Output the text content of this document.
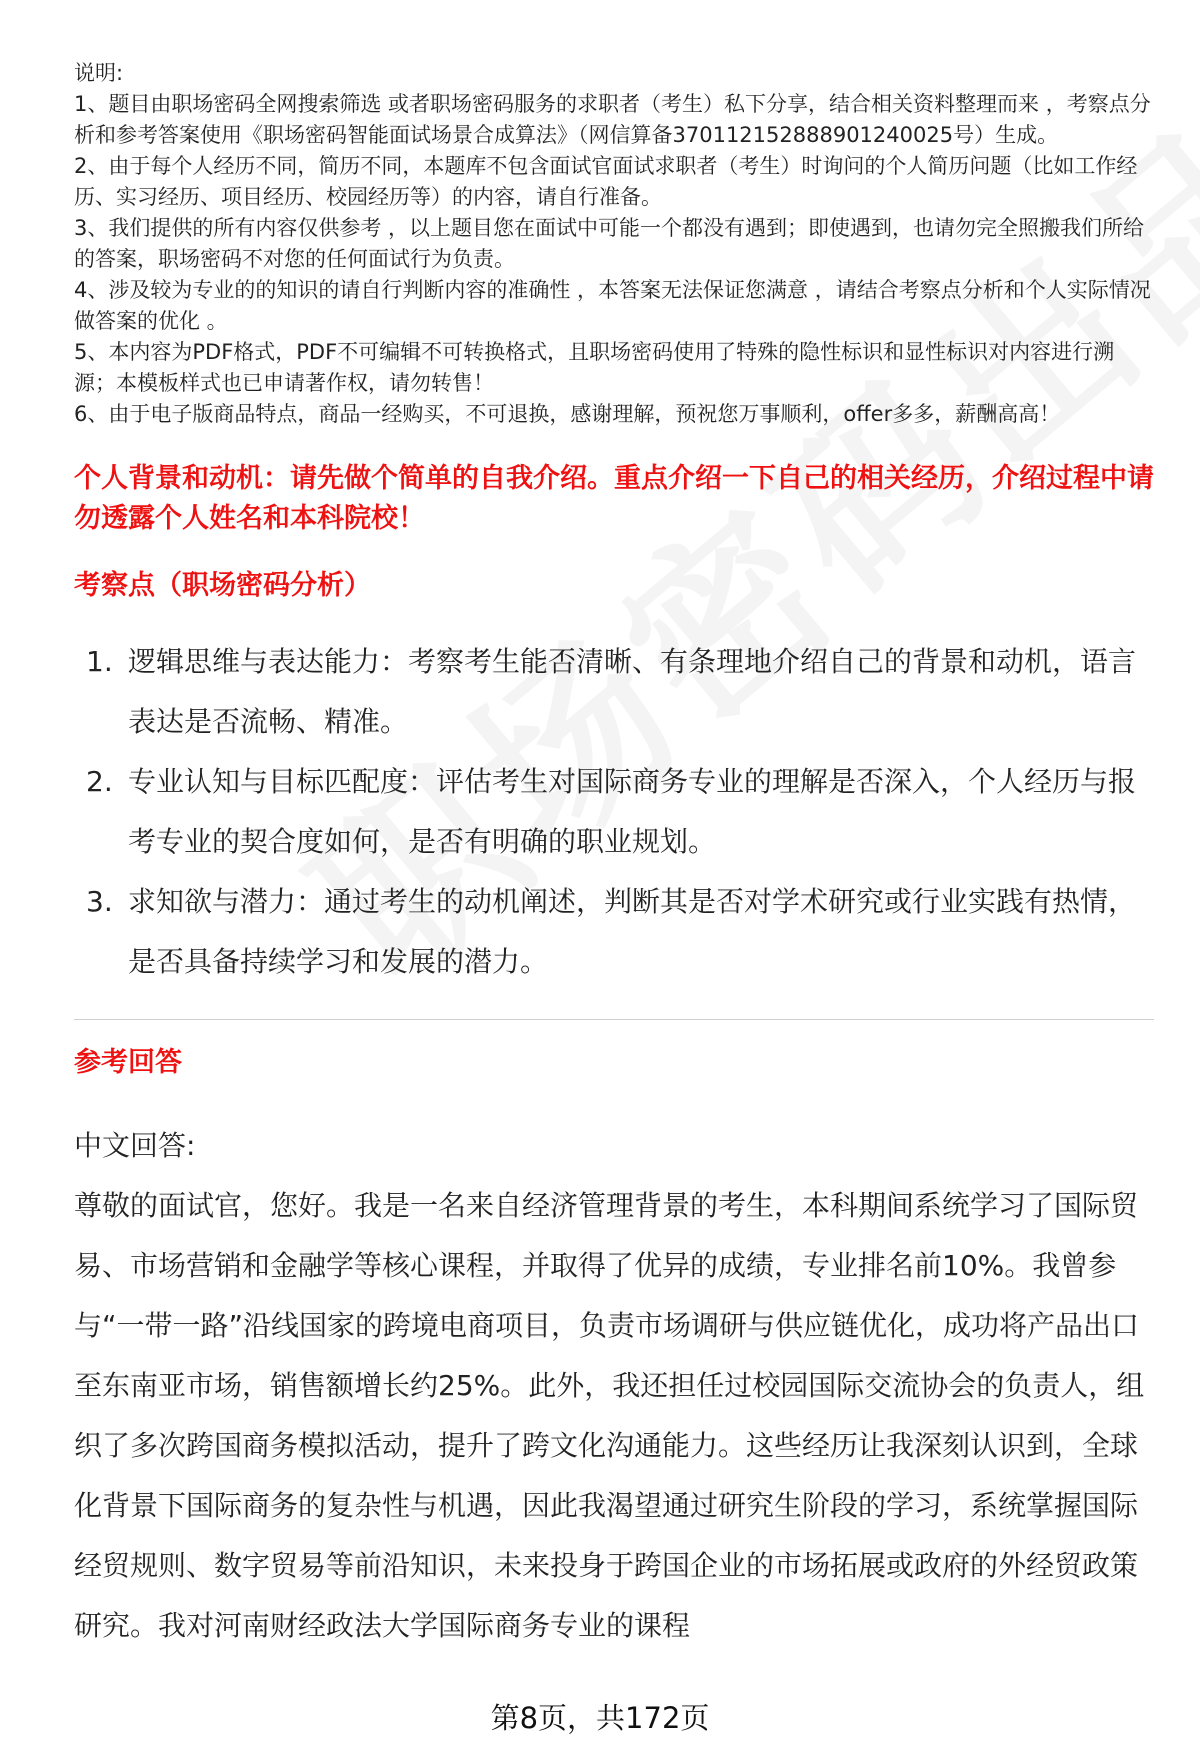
说明:

1、题目由职场密码全网搜索筛选 或者职场密码服务的求职者（考生）私下分享，结合相关资料整理而来 ，考察点分析和参考答案使用《职场密码智能面试场景合成算法》（网信算备370112152888901240025号）生成。

2、由于每个人经历不同，简历不同，本题库不包含面试官面试求职者（考生）时询问的个人简历问题（比如工作经历、实习经历、项目经历、校园经历等）的内容，请自行准备。

3、我们提供的所有内容仅供参考 ，以上题目您在面试中可能一个都没有遇到；即使遇到，也请勿完全照搬我们所给的答案，职场密码不对您的任何面试行为负责。

4、涉及较为专业的的知识的请自行判断内容的准确性 ，本答案无法保证您满意 ，请结合考察点分析和个人实际情况做答案的优化 。

5、本内容为PDF格式，PDF不可编辑不可转换格式，且职场密码使用了特殊的隐性标识和显性标识对内容进行溯源；本模板样式也已申请著作权，请勿转售！

6、由于电子版商品特点，商品一经购买，不可退换，感谢理解，预祝您万事顺利，offer多多，薪酬高高！

个人背景和动机：请先做个简单的自我介绍。重点介绍一下自己的相关经历，介绍过程中请勿透露个人姓名和本科院校！
考察点（职场密码分析）
1. 逻辑思维与表达能力：考察考生能否清晰、有条理地介绍自己的背景和动机，语言表达是否流畅、精准。
2. 专业认知与目标匹配度：评估考生对国际商务专业的理解是否深入，个人经历与报考专业的契合度如何，是否有明确的职业规划。
3. 求知欲与潜力：通过考生的动机阐述，判断其是否对学术研究或行业实践有热情，是否具备持续学习和发展的潜力。
参考回答
中文回答:

尊敬的面试官，您好。我是一名来自经济管理背景的考生，本科期间系统学习了国际贸易、市场营销和金融学等核心课程，并取得了优异的成绩，专业排名前10%。我曾参与“一带一路”沿线国家的跨境电商项目，负责市场调研与供应链优化，成功将产品出口至东南亚市场，销售额增长约25%。此外，我还担任过校园国际交流协会的负责人，组织了多次跨国商务模拟活动，提升了跨文化沟通能力。这些经历让我深刻认识到，全球化背景下国际商务的复杂性与机遇，因此我渴望通过研究生阶段的学习，系统掌握国际经贸规则、数字贸易等前沿知识，未来投身于跨国企业的市场拓展或政府的外经贸政策研究。我对河南财经政法大学国际商务专业的课程

第8页，共172页
